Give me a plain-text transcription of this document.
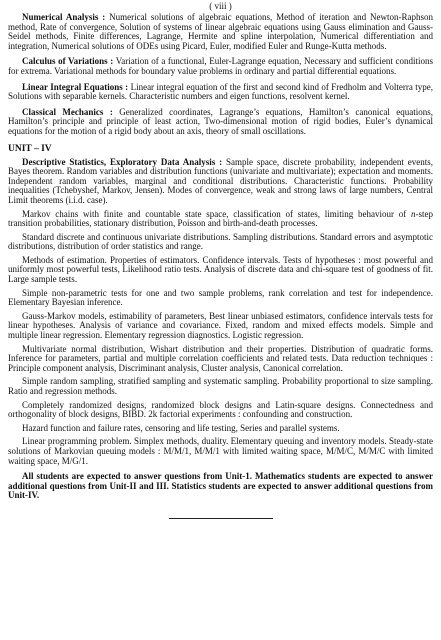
( viii )

Numerical Analysis : Numerical solutions of algebraic equations, Method of iteration and Newton-Raphson method, Rate of convergence, Solution of systems of linear algebraic equations using Gauss elimination and Gauss-Seidel methods, Finite differences, Lagrange, Hermite and spline interpolation, Numerical differentiation and integration, Numerical solutions of ODEs using Picard, Euler, modified Euler and Runge-Kutta methods.

Calculus of Variations : Variation of a functional, Euler-Lagrange equation, Necessary and sufficient conditions for extrema. Variational methods for boundary value problems in ordinary and partial differential equations.

Linear Integral Equations : Linear integral equation of the first and second kind of Fredholm and Volterra type, Solutions with separable kernels. Characteristic numbers and eigen functions, resolvent kernel.

Classical Mechanics : Generalized coordinates, Lagrange’s equations, Hamilton’s canonical equations, Hamilton’s principle and principle of least action, Two-dimensional motion of rigid bodies, Euler’s dynamical equations for the motion of a rigid body about an axis, theory of small oscillations.

UNIT – IV

Descriptive Statistics, Exploratory Data Analysis : Sample space, discrete probability, independent events, Bayes theorem. Random variables and distribution functions (univariate and multivariate); expectation and moments. Independent random variables, marginal and conditional distributions. Characteristic functions. Probability inequalities (Tchebyshef, Markov, Jensen). Modes of convergence, weak and strong laws of large numbers, Central Limit theorems (i.i.d. case).

Markov chains with finite and countable state space, classification of states, limiting behaviour of n-step transition probabilities, stationary distribution, Poisson and birth-and-death processes.

Standard discrete and continuous univariate distributions. Sampling distributions. Standard errors and asymptotic distributions, distribution of order statistics and range.

Methods of estimation. Properties of estimators. Confidence intervals. Tests of hypotheses : most powerful and uniformly most powerful tests, Likelihood ratio tests. Analysis of discrete data and chi-square test of goodness of fit. Large sample tests.

Simple non-parametric tests for one and two sample problems, rank correlation and test for independence. Elementary Bayesian inference.

Gauss-Markov models, estimability of parameters, Best linear unbiased estimators, confidence intervals tests for linear hypotheses. Analysis of variance and covariance. Fixed, random and mixed effects models. Simple and multiple linear regression. Elementary regression diagnostics. Logistic regression.

Multivariate normal distribution, Wishart distribution and their properties. Distribution of quadratic forms. Inference for parameters, partial and multiple correlation coefficients and related tests. Data reduction techniques : Principle component analysis, Discriminant analysis, Cluster analysis, Canonical correlation.

Simple random sampling, stratified sampling and systematic sampling. Probability proportional to size sampling. Ratio and regression methods.

Completely randomized designs, randomized block designs and Latin-square designs. Connectedness and orthogonality of block designs, BIBD. 2k factorial experiments : confounding and construction.

Hazard function and failure rates, censoring and life testing, Series and parallel systems.

Linear programming problem. Simplex methods, duality. Elementary queuing and inventory models. Steady-state solutions of Markovian queuing models : M/M/1, M/M/1 with limited waiting space, M/M/C, M/M/C with limited waiting space, M/G/1.

All students are expected to answer questions from Unit-1. Mathematics students are expected to answer additional questions from Unit-II and III. Statistics students are expected to answer additional questions from Unit-IV.
